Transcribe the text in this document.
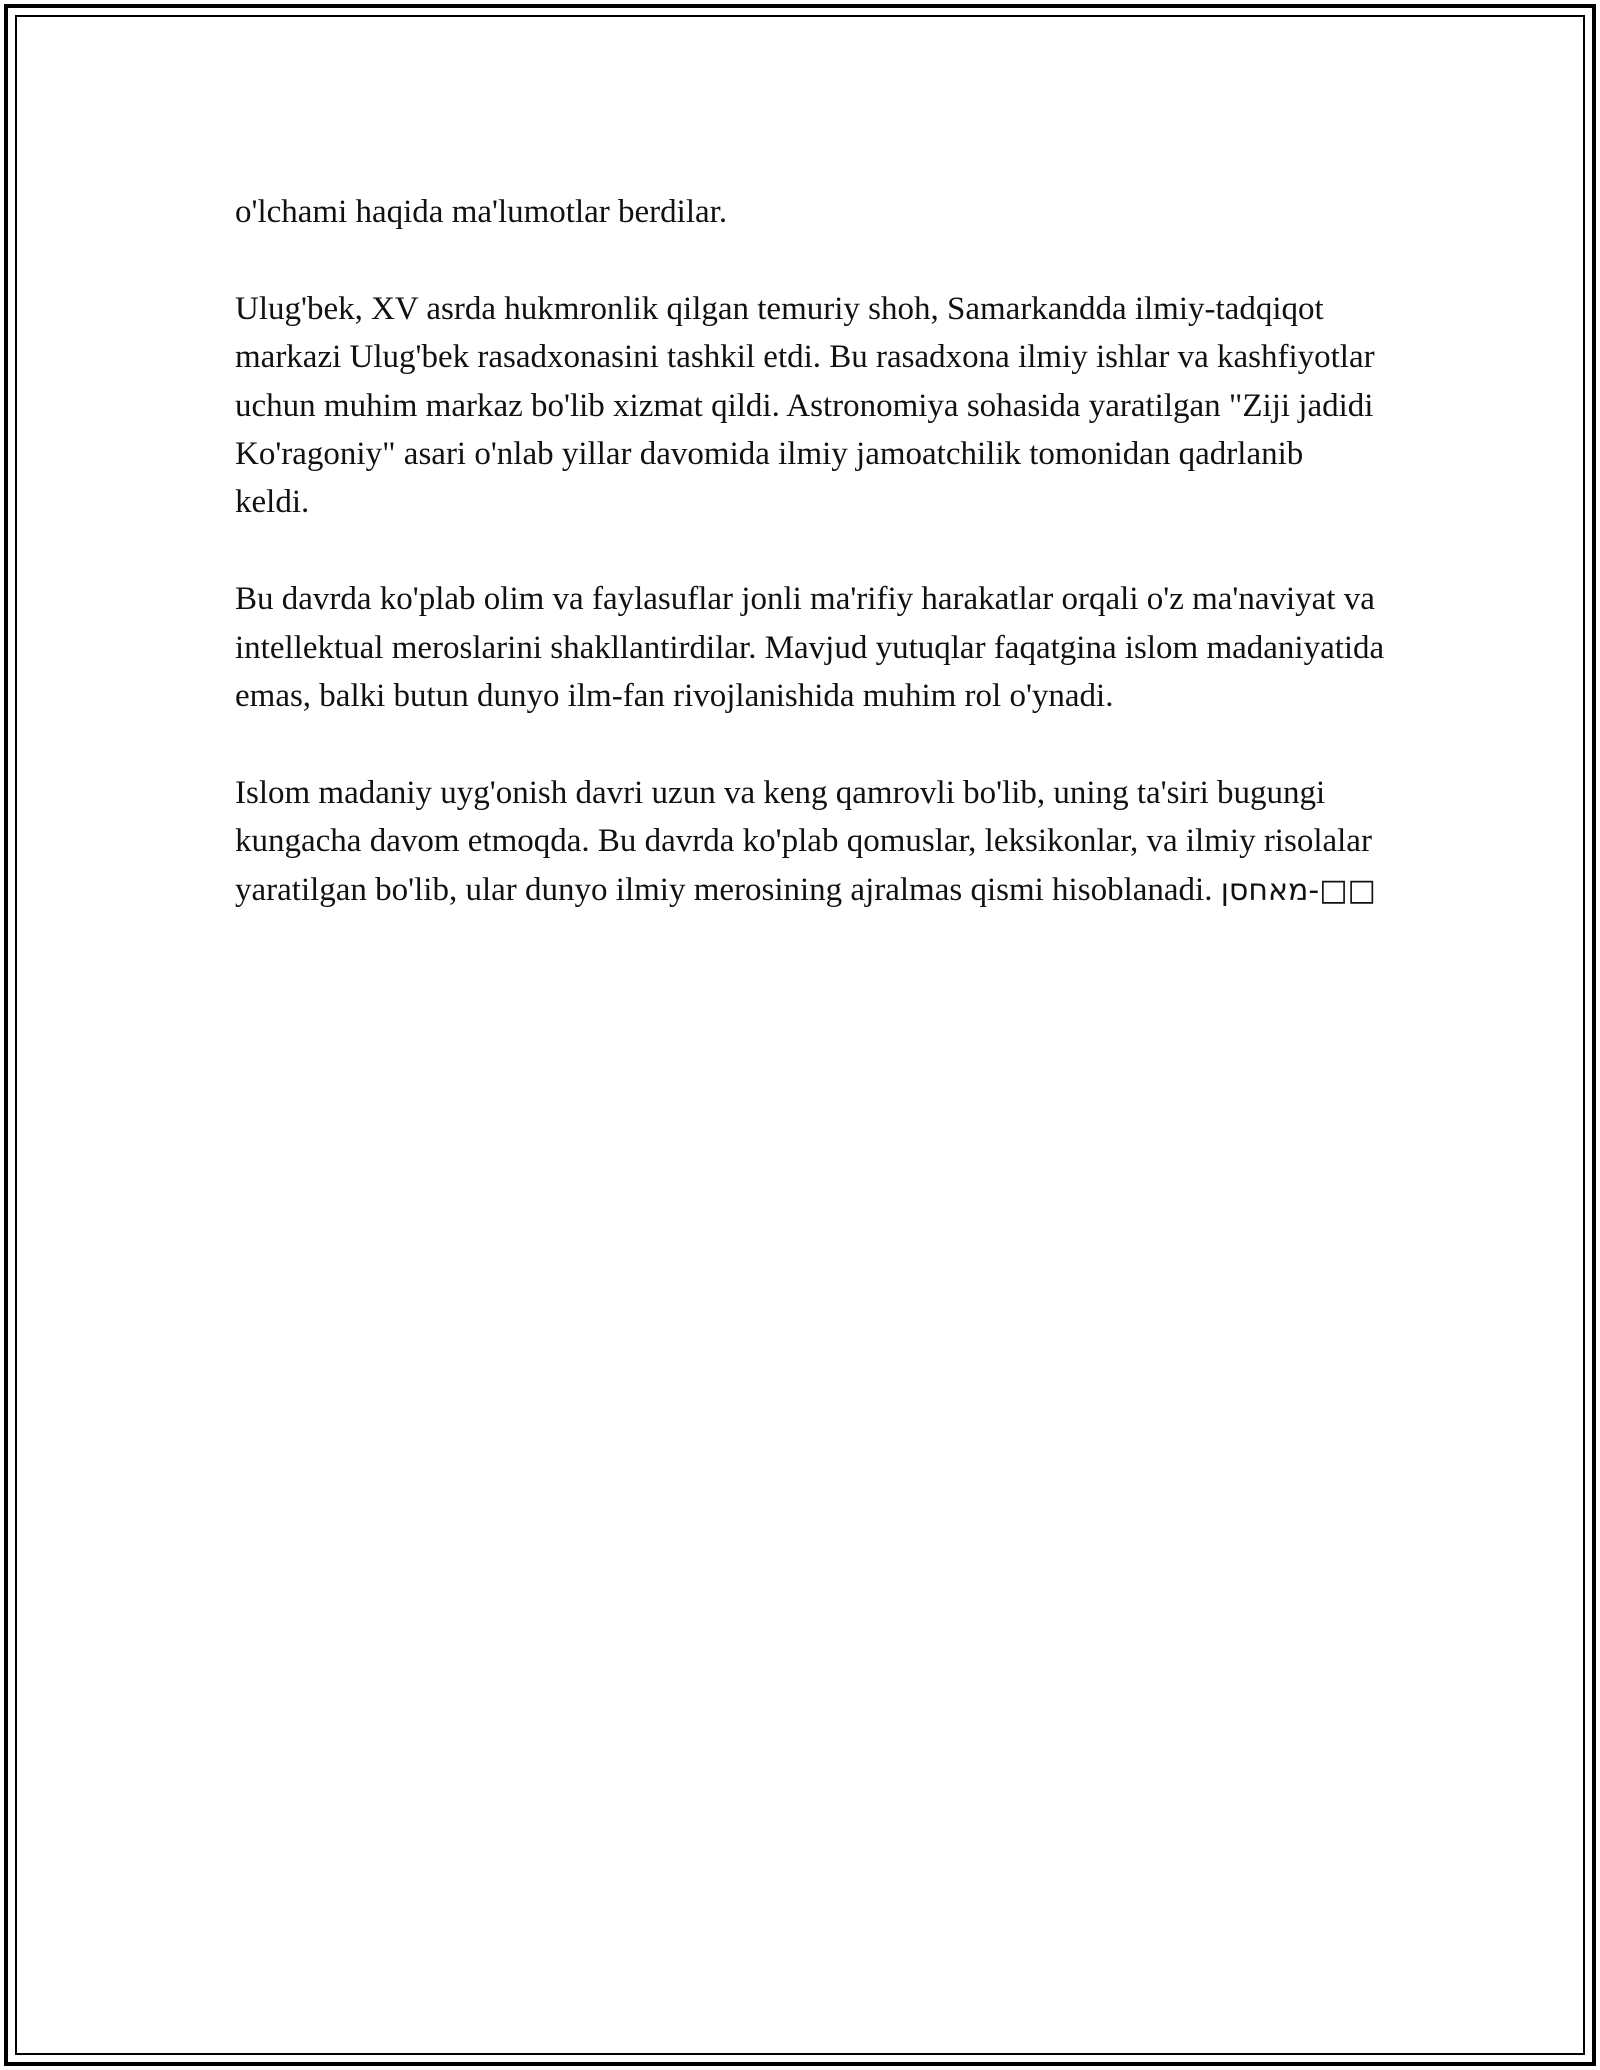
o'lchami haqida ma'lumotlar berdilar.

Ulug'bek, XV asrda hukmronlik qilgan temuriy shoh, Samarkandda ilmiy-tadqiqot markazi Ulug'bek rasadxonasini tashkil etdi. Bu rasadxona ilmiy ishlar va kashfiyotlar uchun muhim markaz bo'lib xizmat qildi. Astronomiya sohasida yaratilgan "Ziji jadidi Ko'ragoniy" asari o'nlab yillar davomida ilmiy jamoatchilik tomonidan qadrlanib keldi.

Bu davrda ko'plab olim va faylasuflar jonli ma'rifiy harakatlar orqali o'z ma'naviyat va intellektual meroslarini shakllantirdilar. Mavjud yutuqlar faqatgina islom madaniyatida emas, balki butun dunyo ilm-fan rivojlanishida muhim rol o'ynadi.

Islom madaniy uyg'onish davri uzun va keng qamrovli bo'lib, uning ta'siri bugungi kungacha davom etmoqda. Bu davrda ko'plab qomuslar, leksikonlar, va ilmiy risolalar yaratilgan bo'lib, ular dunyo ilmiy merosining ajralmas qismi hisoblanadi. מאחסן-□□
